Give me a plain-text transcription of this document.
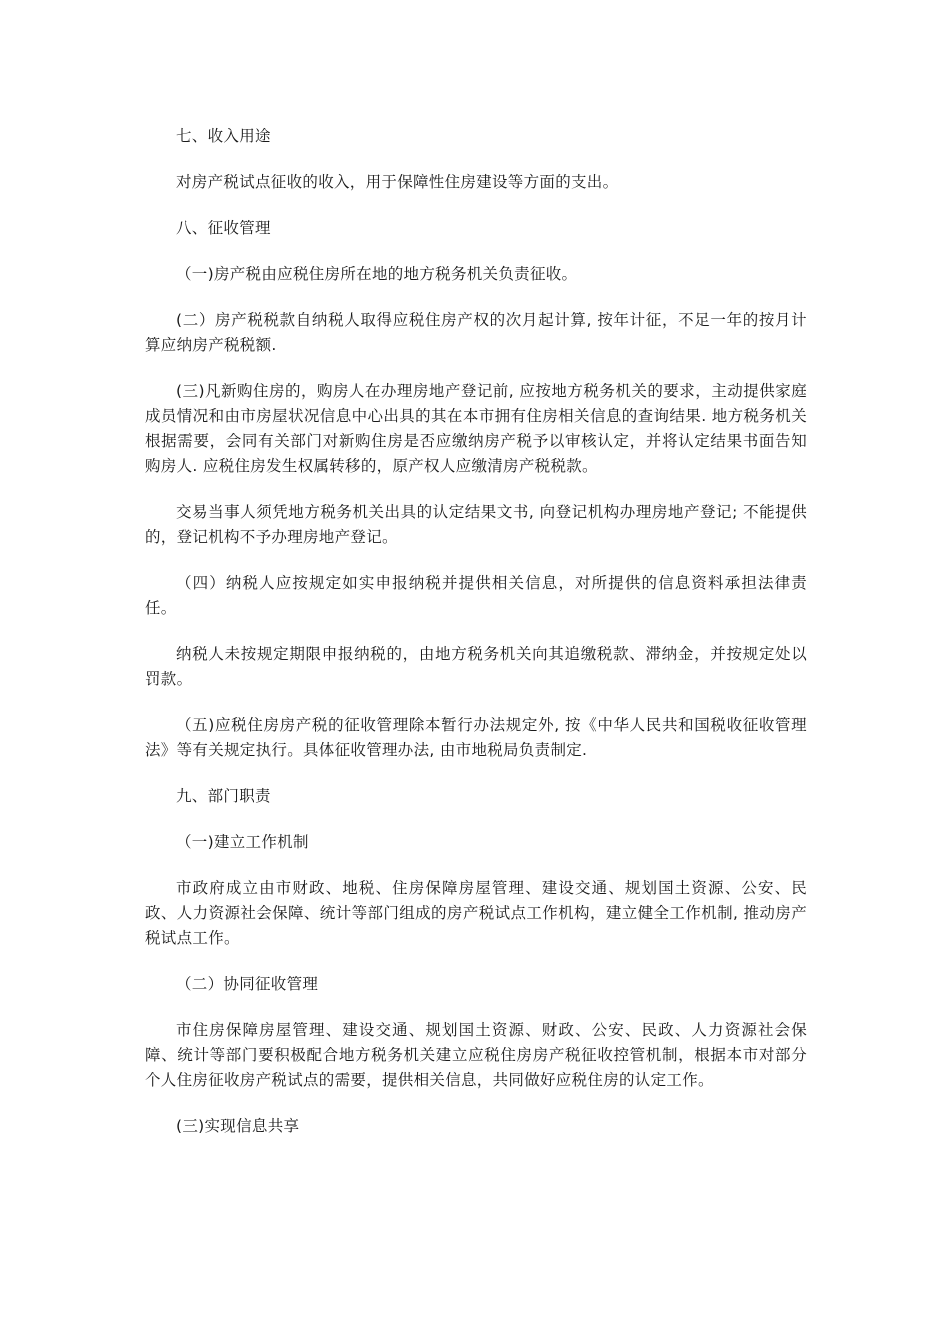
七、收入用途

对房产税试点征收的收入，用于保障性住房建设等方面的支出。

八、征收管理

（一)房产税由应税住房所在地的地方税务机关负责征收。

(二）房产税税款自纳税人取得应税住房产权的次月起计算, 按年计征，不足一年的按月计算应纳房产税税额.

(三)凡新购住房的，购房人在办理房地产登记前, 应按地方税务机关的要求，主动提供家庭成员情况和由市房屋状况信息中心出具的其在本市拥有住房相关信息的查询结果. 地方税务机关根据需要，会同有关部门对新购住房是否应缴纳房产税予以审核认定，并将认定结果书面告知购房人. 应税住房发生权属转移的，原产权人应缴清房产税税款。

交易当事人须凭地方税务机关出具的认定结果文书, 向登记机构办理房地产登记; 不能提供的，登记机构不予办理房地产登记。

（四）纳税人应按规定如实申报纳税并提供相关信息，对所提供的信息资料承担法律责任。

纳税人未按规定期限申报纳税的，由地方税务机关向其追缴税款、滞纳金，并按规定处以罚款。

（五)应税住房房产税的征收管理除本暂行办法规定外, 按《中华人民共和国税收征收管理法》等有关规定执行。具体征收管理办法, 由市地税局负责制定.

九、部门职责

（一)建立工作机制

市政府成立由市财政、地税、住房保障房屋管理、建设交通、规划国土资源、公安、民政、人力资源社会保障、统计等部门组成的房产税试点工作机构，建立健全工作机制, 推动房产税试点工作。

（二）协同征收管理

市住房保障房屋管理、建设交通、规划国土资源、财政、公安、民政、人力资源社会保障、统计等部门要积极配合地方税务机关建立应税住房房产税征收控管机制，根据本市对部分个人住房征收房产税试点的需要，提供相关信息，共同做好应税住房的认定工作。

(三)实现信息共享
